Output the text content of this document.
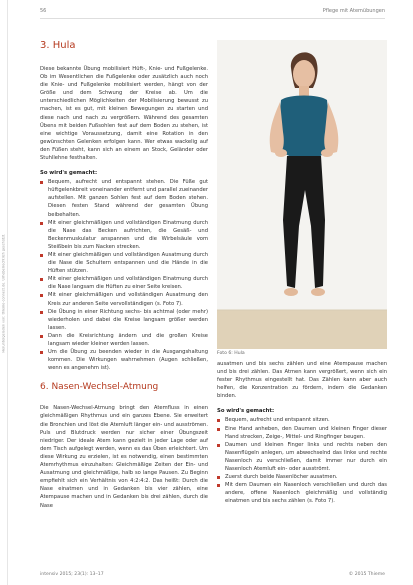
Heruntergeladen von: thieme-connect.de. Urheberrechtlich geschützt.
56	Pflege mit Atemübungen
3. Hula

Diese bekannte Übung mobilisiert Hüft-, Knie- und Fußgelenke. Ob im Wesentlichen die Fußgelenke oder zusätzlich auch noch die Knie- und Fußgelenke mobilisiert werden, hängt von der Größe und dem Schwung der Kreise ab. Um die unterschiedlichen Möglichkeiten der Mobilisierung bewusst zu machen, ist es gut, mit kleinen Bewegungen zu starten und diese nach und nach zu vergrößern. Während des gesamten Übens mit beiden Fußsohlen fest auf dem Boden zu stehen, ist eine wichtige Voraussetzung, damit eine Rotation in den gewünschten Gelenken erfolgen kann. Wer etwas wackelig auf den Füßen steht, kann sich an einem an Stock, Geländer oder Stuhllehne festhalten.

So wird's gemacht:
Bequem, aufrecht und entspannt stehen. Die Füße gut hüftgelenkbreit voneinander entfernt und parallel zueinander aufstellen. Mit ganzen Sohlen fest auf dem Boden stehen. Diesen festen Stand während der gesamten Übung beibehalten.
Mit einer gleichmäßigen und vollständigen Einatmung durch die Nase das Becken aufrichten, die Gesäß- und Beckenmuskulatur anspannen und die Wirbelsäule vom Steißbein bis zum Nacken strecken.
Mit einer gleichmäßigen und vollständigen Ausatmung durch die Nase die Schultern entspannen und die Hände in die Hüften stützen.
Mit einer gleichmäßigen und vollständigen Einatmung durch die Nase langsam die Hüften zu einer Seite kreisen.
Mit einer gleichmäßigen und vollständigen Ausatmung den Kreis zur anderen Seite vervollständigen (s. Foto 7).
Die Übung in einer Richtung sechs- bis achtmal (oder mehr) wiederholen und dabei die Kreise langsam größer werden lassen.
Dann die Kreisrichtung ändern und die großen Kreise langsam wieder kleiner werden lassen.
Um die Übung zu beenden wieder in die Ausgangshaltung kommen. Die Wirkungen wahrnehmen (Augen schließen, wenn es angenehm ist).
6. Nasen-Wechsel-Atmung

Die Nasen-Wechsel-Atmung bringt den Atemfluss in einen gleichmäßigen Rhythmus und ein ganzes Ebene. Sie erweitert die Bronchien und löst die Atemluft länger ein- und ausströmen. Puls und Blutdruck werden nur sicher einer Übungszeit niedriger. Der ideale Atem kann gezielt in jeder Lage oder auf dem Tisch aufgelegt werden, wenn es das Üben erleichtert. Um diese Wirkung zu erzielen, ist es notwendig, einen bestimmten Atemrhythmus einzuhalten: Gleichmäßige Zeiten der Ein- und Ausatmung und gleichmäßige, halb so lange Pausen. Zu Beginn empfiehlt sich ein Verhältnis von 4:2:4:2. Das heißt: Durch die Nase einatmen und in Gedanken bis vier zählen, eine Atempause machen und in Gedanken bis drei zählen, durch die Nase

Foto 6: Hula

ausatmen und bis sechs zählen und eine Atempause machen und bis drei zählen. Das Atmen kann vergrößert, wenn sich ein fester Rhythmus eingestellt hat. Das Zählen kann aber auch helfen, die Konzentration zu fördern, indem die Gedanken binden.

So wird's gemacht:
Bequem, aufrecht und entspannt sitzen.
Eine Hand anheben, den Daumen und kleinen Finger dieser Hand strecken, Zeige-, Mittel- und Ringfinger beugen.
Daumen und kleinen Finger links und rechts neben den Nasenflügeln anlegen, um abwechselnd das linke und rechte Nasenloch zu verschließen, damit immer nur durch ein Nasenloch Atemluft ein- oder ausströmt.
Zuerst durch beide Nasenlöcher ausatmen.
Mit dem Daumen ein Nasenloch verschließen und durch das andere, offene Nasenloch gleichmäßig und vollständig einatmen und bis sechs zählen (s. Foto 7).
intensiv 2015; 23(1): 13–17	© 2015 Thieme
